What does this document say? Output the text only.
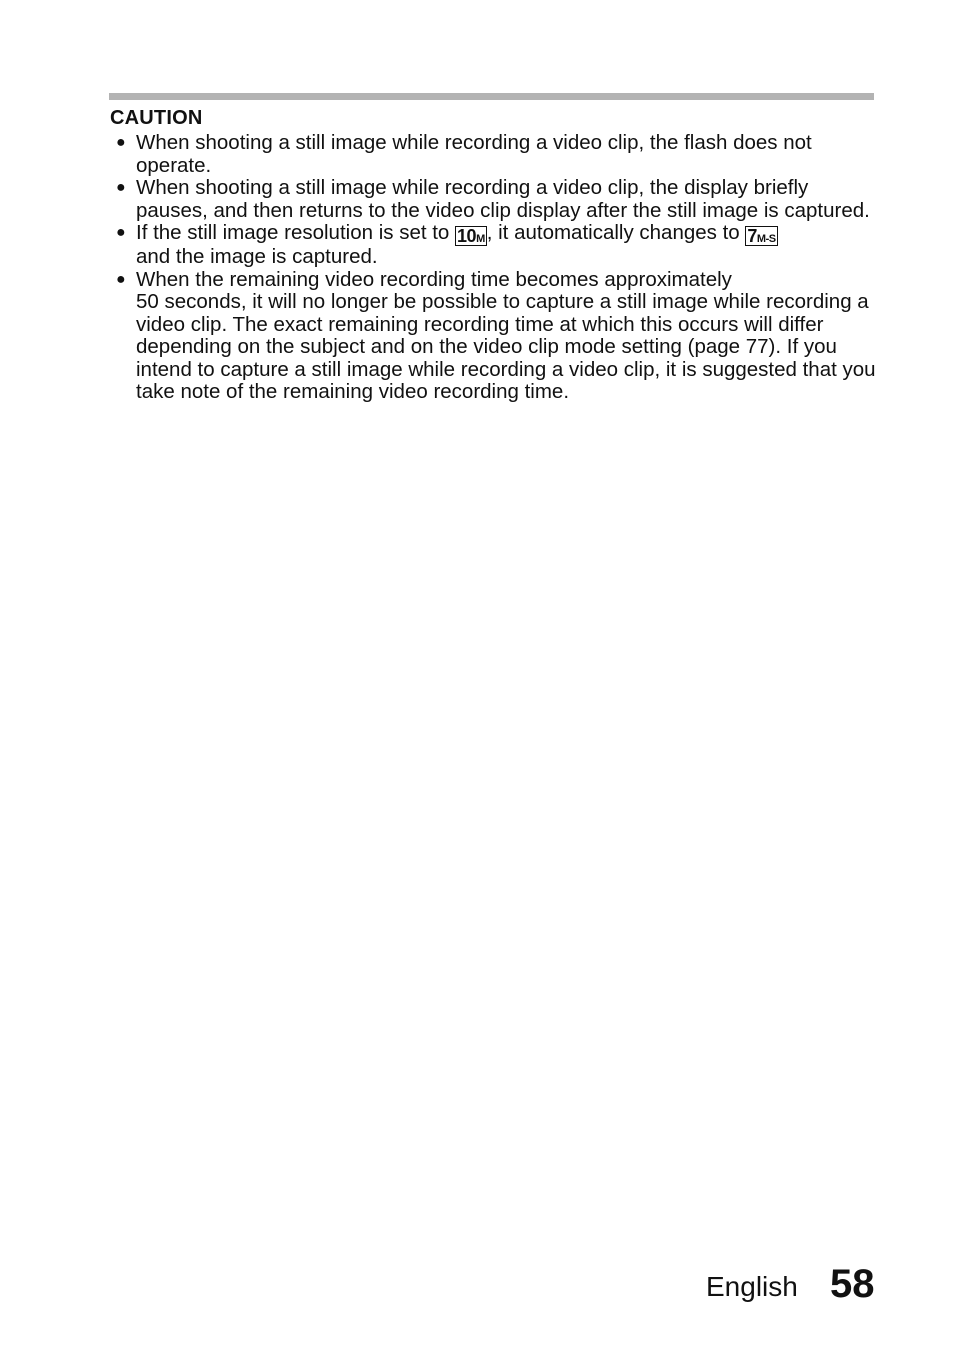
CAUTION
● When shooting a still image while recording a video clip, the flash does not operate.
● When shooting a still image while recording a video clip, the display briefly pauses, and then returns to the video clip display after the still image is captured.
● If the still image resolution is set to 10M, it automatically changes to 7M-S
and the image is captured.
● When the remaining video recording time becomes approximately
50 seconds, it will no longer be possible to capture a still image while recording a video clip. The exact remaining recording time at which this occurs will differ depending on the subject and on the video clip mode setting (page 77). If you intend to capture a still image while recording a video clip, it is suggested that you take note of the remaining video recording time.
English 58
